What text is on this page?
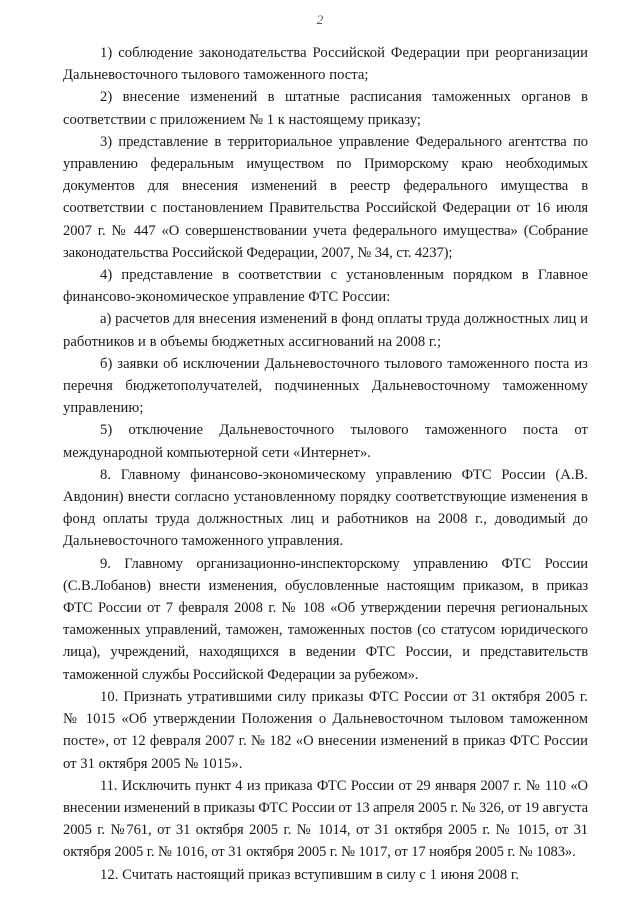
2

1) соблюдение законодательства Российской Федерации при реорганизации Дальневосточного тылового таможенного поста;

2) внесение изменений в штатные расписания таможенных органов в соответствии с приложением № 1 к настоящему приказу;

3) представление в территориальное управление Федерального агентства по управлению федеральным имуществом по Приморскому краю необходимых документов для внесения изменений в реестр федерального имущества в соответствии с постановлением Правительства Российской Федерации от 16 июля 2007 г. № 447 «О совершенствовании учета федерального имущества» (Собрание законодательства Российской Федерации, 2007, № 34, ст. 4237);

4) представление в соответствии с установленным порядком в Главное финансово-экономическое управление ФТС России:

а) расчетов для внесения изменений в фонд оплаты труда должностных лиц и работников и в объемы бюджетных ассигнований на 2008 г.;

б) заявки об исключении Дальневосточного тылового таможенного поста из перечня бюджетополучателей, подчиненных Дальневосточному таможенному управлению;

5) отключение Дальневосточного тылового таможенного поста от международной компьютерной сети «Интернет».

8. Главному финансово-экономическому управлению ФТС России (А.В. Авдонин) внести согласно установленному порядку соответствующие изменения в фонд оплаты труда должностных лиц и работников на 2008 г., доводимый до Дальневосточного таможенного управления.

9. Главному организационно-инспекторскому управлению ФТС России (С.В.Лобанов) внести изменения, обусловленные настоящим приказом, в приказ ФТС России от 7 февраля 2008 г. № 108 «Об утверждении перечня региональных таможенных управлений, таможен, таможенных постов (со статусом юридического лица), учреждений, находящихся в ведении ФТС России, и представительств таможенной службы Российской Федерации за рубежом».

10. Признать утратившими силу приказы ФТС России от 31 октября 2005 г. № 1015 «Об утверждении Положения о Дальневосточном тыловом таможенном посте», от 12 февраля 2007 г. № 182 «О внесении изменений в приказ ФТС России от 31 октября 2005 № 1015».

11. Исключить пункт 4 из приказа ФТС России от 29 января 2007 г. № 110 «О внесении изменений в приказы ФТС России от 13 апреля 2005 г. № 326, от 19 августа 2005 г. №761, от 31 октября 2005 г. № 1014, от 31 октября 2005 г. № 1015, от 31 октября 2005 г. № 1016, от 31 октября 2005 г. № 1017, от 17 ноября 2005 г. № 1083».

12. Считать настоящий приказ вступившим в силу с 1 июня 2008 г.
